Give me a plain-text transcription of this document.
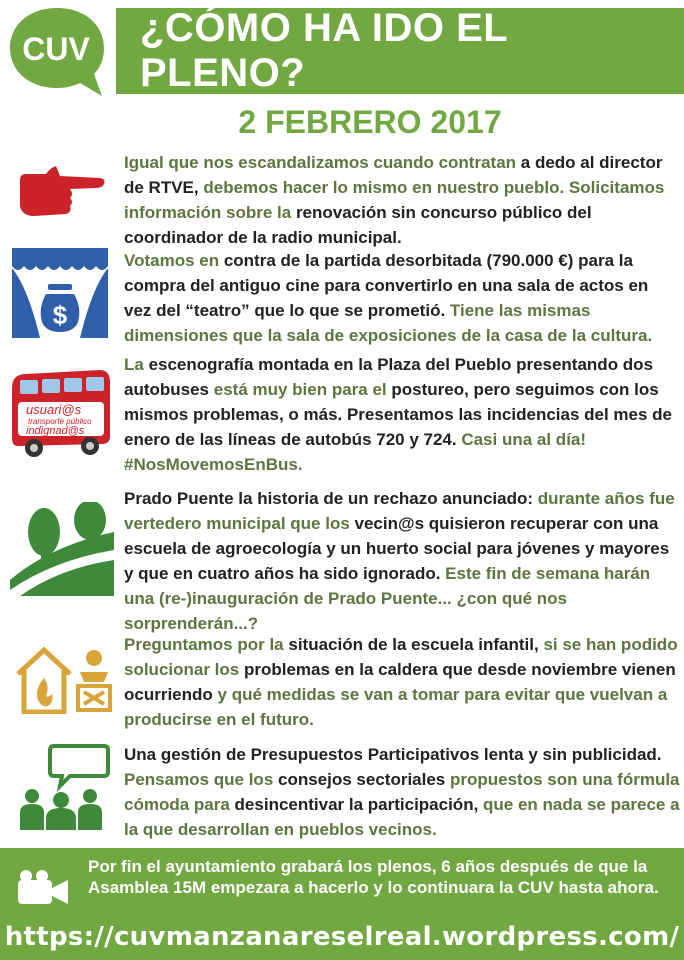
CUV ¿CÓMO HA IDO EL PLENO?
2 FEBRERO 2017

Igual que nos escandalizamos cuando contratan a dedo al director de RTVE, debemos hacer lo mismo en nuestro pueblo. Solicitamos información sobre la renovación sin concurso público del coordinador de la radio municipal.

$

Votamos en contra de la partida desorbitada (790.000 €) para la compra del antiguo cine para convertirlo en una sala de actos en vez del “teatro” que lo que se prometió. Tiene las mismas dimensiones que la sala de exposiciones de la casa de la cultura.

usuari@s
transporte público
indignad@s

La escenografía montada en la Plaza del Pueblo presentando dos autobuses está muy bien para el postureo, pero seguimos con los mismos problemas, o más. Presentamos las incidencias del mes de enero de las líneas de autobús 720 y 724. Casi una al día! #NosMovemosEnBus.

Prado Puente la historia de un rechazo anunciado: durante años fue vertedero municipal que los vecin@s quisieron recuperar con una escuela de agroecología y un huerto social para jóvenes y mayores y que en cuatro años ha sido ignorado. Este fin de semana harán una (re-)inauguración de Prado Puente... ¿con qué nos sorprenderán...?

Preguntamos por la situación de la escuela infantil, si se han podido solucionar los problemas en la caldera que desde noviembre vienen ocurriendo y qué medidas se van a tomar para evitar que vuelvan a producirse en el futuro.

Una gestión de Presupuestos Participativos lenta y sin publicidad. Pensamos que los consejos sectoriales propuestos son una fórmula cómoda para desincentivar la participación, que en nada se parece a la que desarrollan en pueblos vecinos.

Por fin el ayuntamiento grabará los plenos, 6 años después de que la Asamblea 15M empezara a hacerlo y lo continuara la CUV hasta ahora.
https://cuvmanzanareselreal.wordpress.com/
